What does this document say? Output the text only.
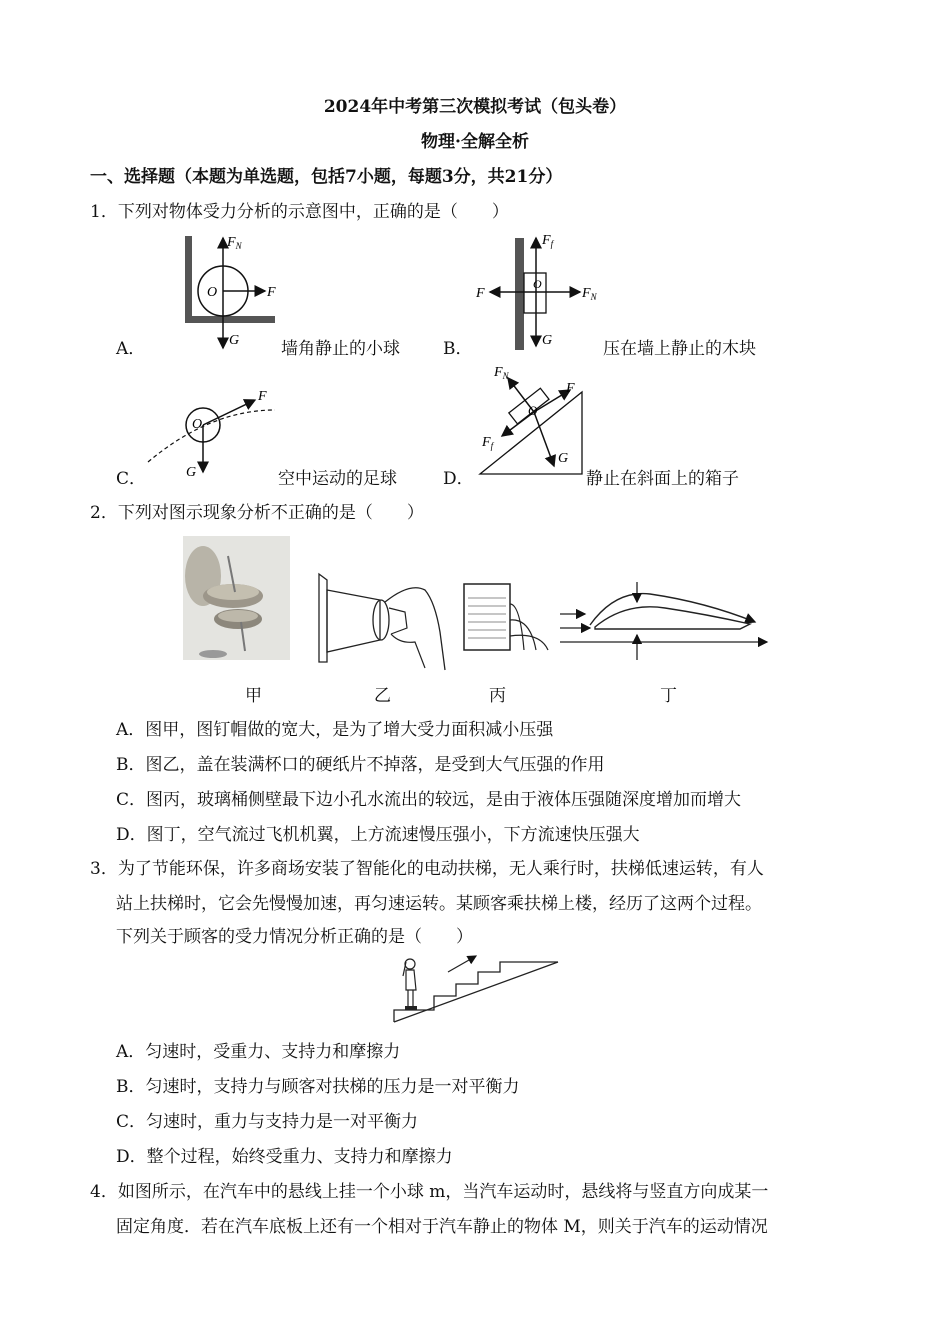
2024年中考第三次模拟考试（包头卷）
物理·全解全析
一、选择题（本题为单选题，包括7小题，每题3分，共21分）
1．下列对物体受力分析的示意图中，正确的是（　　）
$F_N$
O	F
G
A．	墙角静止的小球
$F_f$
O
F	$F_N$
G
B．	压在墙上静止的木块
O
F
G
C．	空中运动的足球
$F_N$
O
F
$F_f$
G
D．	静止在斜面上的箱子
2．下列对图示现象分析不正确的是（　　）
甲	乙	丙	丁
A．图甲，图钉帽做的宽大，是为了增大受力面积减小压强
B．图乙，盖在装满杯口的硬纸片不掉落，是受到大气压强的作用
C．图丙，玻璃桶侧壁最下边小孔水流出的较远，是由于液体压强随深度增加而增大
D．图丁，空气流过飞机机翼，上方流速慢压强小，下方流速快压强大
3．为了节能环保，许多商场安装了智能化的电动扶梯，无人乘行时，扶梯低速运转，有人
站上扶梯时，它会先慢慢加速，再匀速运转。某顾客乘扶梯上楼，经历了这两个过程。
下列关于顾客的受力情况分析正确的是（　　）
A．匀速时，受重力、支持力和摩擦力
B．匀速时，支持力与顾客对扶梯的压力是一对平衡力
C．匀速时，重力与支持力是一对平衡力
D．整个过程，始终受重力、支持力和摩擦力
4．如图所示，在汽车中的悬线上挂一个小球 m，当汽车运动时，悬线将与竖直方向成某一
固定角度．若在汽车底板上还有一个相对于汽车静止的物体 M，则关于汽车的运动情况
